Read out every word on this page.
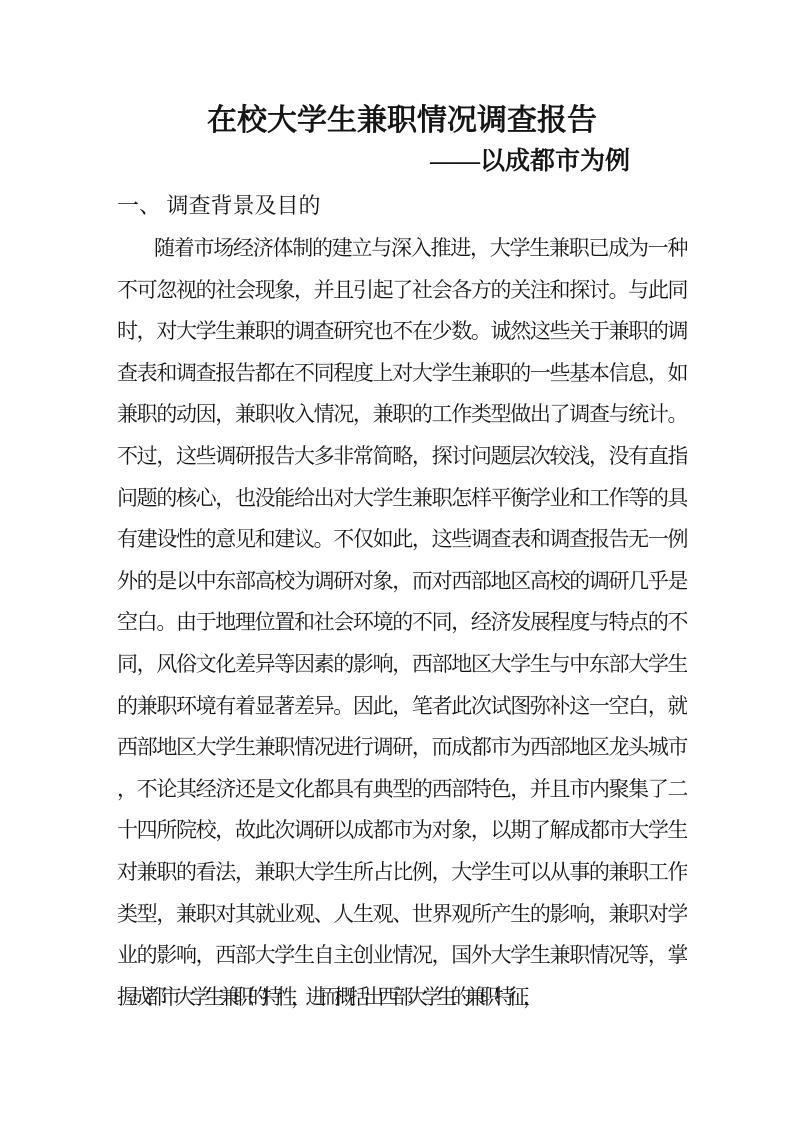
在校大学生兼职情况调查报告
——以成都市为例
一、 调查背景及目的
随着市场经济体制的建立与深入推进，大学生兼职已成为一种
不可忽视的社会现象，并且引起了社会各方的关注和探讨。与此同
时，对大学生兼职的调查研究也不在少数。诚然这些关于兼职的调
查表和调查报告都在不同程度上对大学生兼职的一些基本信息，如
兼职的动因，兼职收入情况，兼职的工作类型做出了调查与统计。
不过，这些调研报告大多非常简略，探讨问题层次较浅，没有直指
问题的核心，也没能给出对大学生兼职怎样平衡学业和工作等的具
有建设性的意见和建议。不仅如此，这些调查表和调查报告无一例
外的是以中东部高校为调研对象，而对西部地区高校的调研几乎是
空白。由于地理位置和社会环境的不同，经济发展程度与特点的不
同，风俗文化差异等因素的影响，西部地区大学生与中东部大学生
的兼职环境有着显著差异。因此，笔者此次试图弥补这一空白，就
西部地区大学生兼职情况进行调研，而成都市为西部地区龙头城市
，不论其经济还是文化都具有典型的西部特色，并且市内聚集了二
十四所院校，故此次调研以成都市为对象，以期了解成都市大学生
对兼职的看法，兼职大学生所占比例，大学生可以从事的兼职工作
类型，兼职对其就业观、人生观、世界观所产生的影响，兼职对学
业的影响，西部大学生自主创业情况，国外大学生兼职情况等，掌
握成都市大学生兼职的特性，进而概括出西部大学生的兼职特征，
